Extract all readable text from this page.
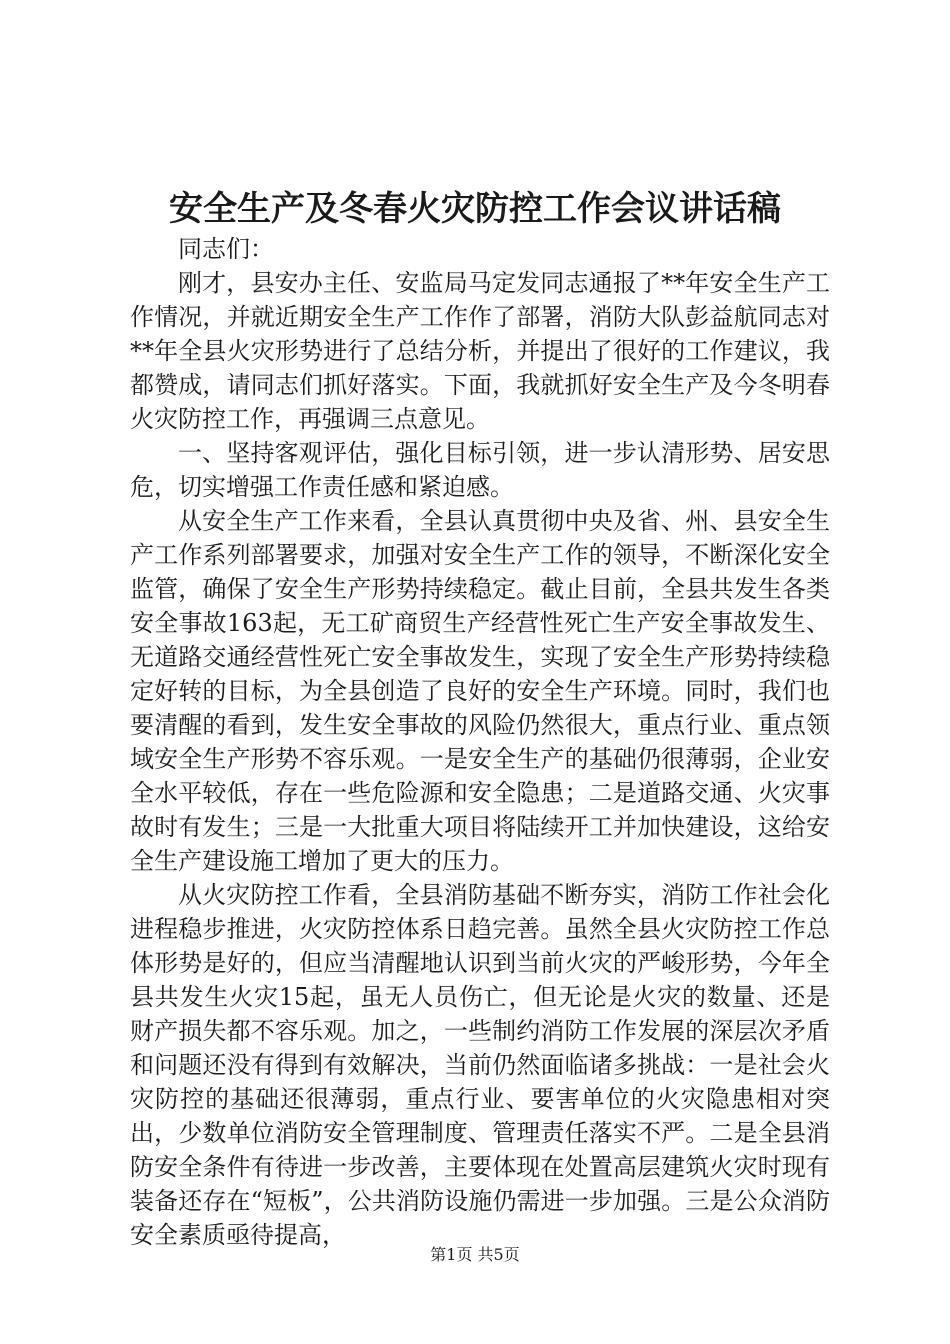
安全生产及冬春火灾防控工作会议讲话稿

同志们：

刚才，县安办主任、安监局马定发同志通报了**年安全生产工作情况，并就近期安全生产工作作了部署，消防大队彭益航同志对**年全县火灾形势进行了总结分析，并提出了很好的工作建议，我都赞成，请同志们抓好落实。下面，我就抓好安全生产及今冬明春火灾防控工作，再强调三点意见。

一、坚持客观评估，强化目标引领，进一步认清形势、居安思危，切实增强工作责任感和紧迫感。

从安全生产工作来看，全县认真贯彻中央及省、州、县安全生产工作系列部署要求，加强对安全生产工作的领导，不断深化安全监管，确保了安全生产形势持续稳定。截止目前，全县共发生各类安全事故163起，无工矿商贸生产经营性死亡生产安全事故发生、无道路交通经营性死亡安全事故发生，实现了安全生产形势持续稳定好转的目标，为全县创造了良好的安全生产环境。同时，我们也要清醒的看到，发生安全事故的风险仍然很大，重点行业、重点领域安全生产形势不容乐观。一是安全生产的基础仍很薄弱，企业安全水平较低，存在一些危险源和安全隐患；二是道路交通、火灾事故时有发生；三是一大批重大项目将陆续开工并加快建设，这给安全生产建设施工增加了更大的压力。

从火灾防控工作看，全县消防基础不断夯实，消防工作社会化进程稳步推进，火灾防控体系日趋完善。虽然全县火灾防控工作总体形势是好的，但应当清醒地认识到当前火灾的严峻形势，今年全县共发生火灾15起，虽无人员伤亡，但无论是火灾的数量、还是财产损失都不容乐观。加之，一些制约消防工作发展的深层次矛盾和问题还没有得到有效解决，当前仍然面临诸多挑战：一是社会火灾防控的基础还很薄弱，重点行业、要害单位的火灾隐患相对突出，少数单位消防安全管理制度、管理责任落实不严。二是全县消防安全条件有待进一步改善，主要体现在处置高层建筑火灾时现有装备还存在“短板”，公共消防设施仍需进一步加强。三是公众消防安全素质亟待提高，

第1页 共5页
